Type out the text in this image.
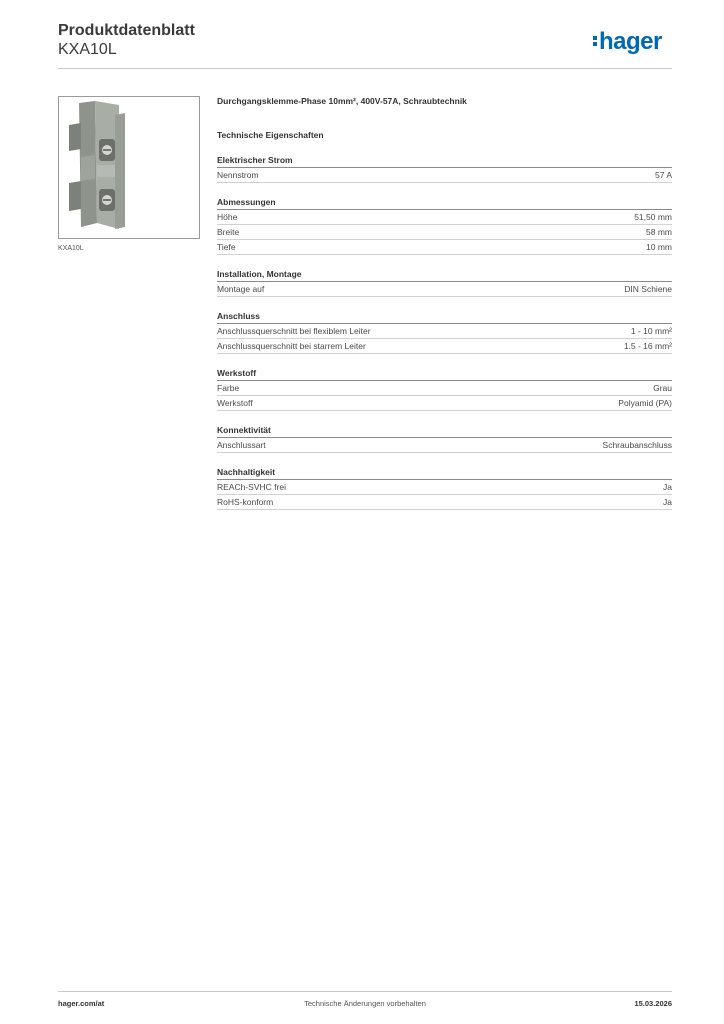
Produktdatenblatt
KXA10L	hager
KXA10L
Durchgangsklemme-Phase 10mm², 400V-57A, Schraubtechnik
Technische Eigenschaften
Elektrischer Strom
Nennstrom	57 A
Abmessungen
Höhe	51,50 mm
Breite	58 mm
Tiefe	10 mm
Installation, Montage
Montage auf	DIN Schiene
Anschluss
Anschlussquerschnitt bei flexiblem Leiter	1 - 10 mm²
Anschlussquerschnitt bei starrem Leiter	1.5 - 16 mm²
Werkstoff
Farbe	Grau
Werkstoff	Polyamid (PA)
Konnektivität
Anschlussart	Schraubanschluss
Nachhaltigkeit
REACh-SVHC frei	Ja
RoHS-konform	Ja
hager.com/at	Technische Änderungen vorbehalten	15.03.2026
